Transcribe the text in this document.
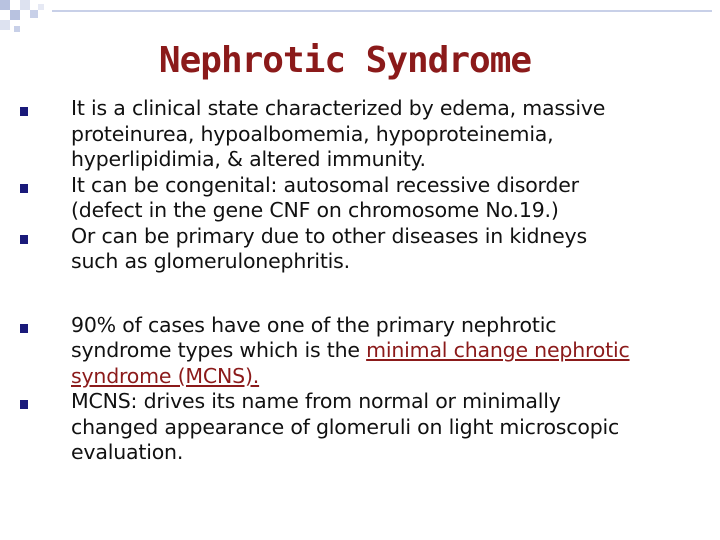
Nephrotic Syndrome
It is a clinical state characterized by edema, massive
proteinurea, hypoalbomemia, hypoproteinemia,
hyperlipidimia, & altered immunity.
It can be congenital: autosomal recessive disorder
(defect in the gene CNF on chromosome No.19.)
Or can be primary due to other diseases in kidneys
such as glomerulonephritis.
90% of cases have one of the primary nephrotic
syndrome types which is the minimal change nephrotic
syndrome (MCNS).
MCNS: drives its name from normal or minimally
changed appearance of glomeruli on light microscopic
evaluation.
